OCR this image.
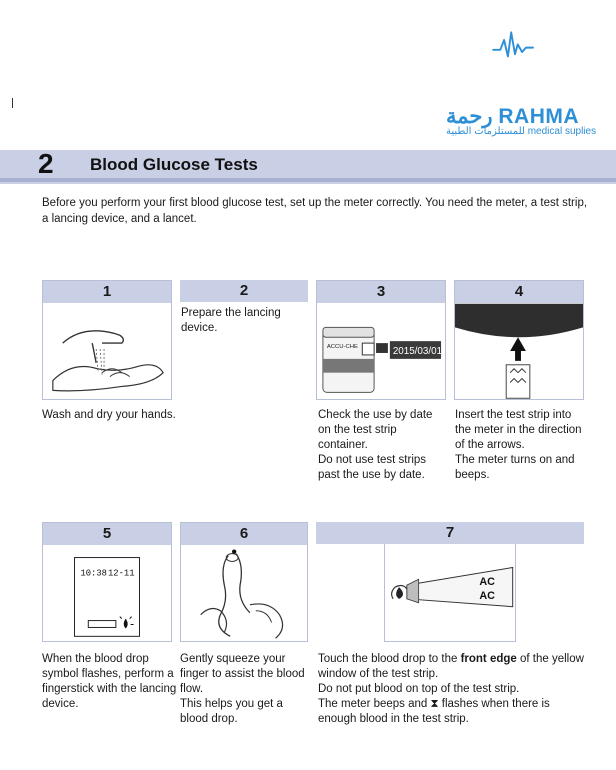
رحمة RAHMA
للمستلزمات الطبية medical suplies
2 Blood Glucose Tests
Before you perform your first blood glucose test, set up the meter correctly. You need the meter, a test strip, a lancing device, and a lancet.
1
Wash and dry your hands.
2
Prepare the lancing device.
3
ACCU-CHE	2015/03/01
Check the use by date on the test strip container.
Do not use test strips past the use by date.
4
Insert the test strip into the meter in the direction of the arrows.
The meter turns on and beeps.
5
10:38 12-11
When the blood drop symbol flashes, perform a fingerstick with the lancing device.
6
Gently squeeze your finger to assist the blood flow.
This helps you get a blood drop.
7
AC
AC
Touch the blood drop to the front edge of the yellow window of the test strip.
Do not put blood on top of the test strip.
The meter beeps and ⧗ flashes when there is enough blood in the test strip.
